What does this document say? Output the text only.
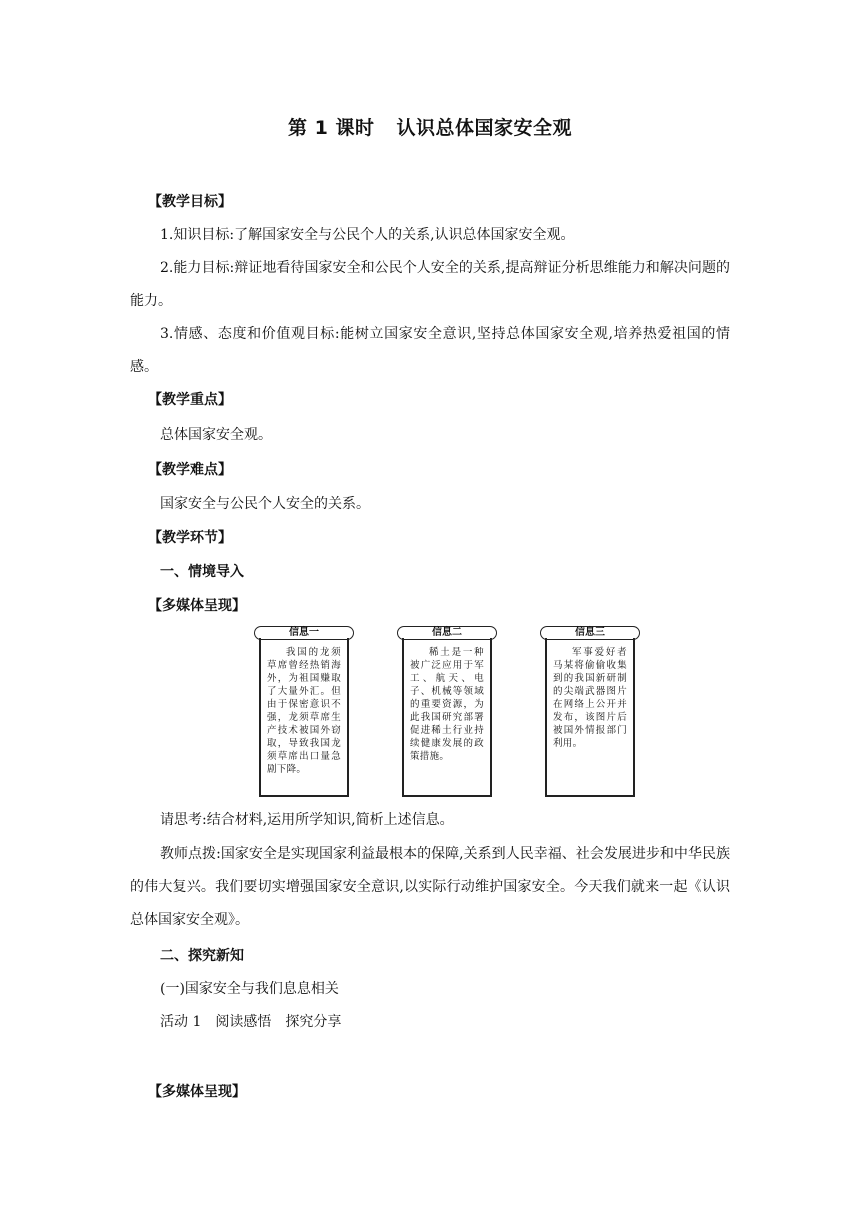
第 1 课时 认识总体国家安全观
【教学目标】
1.知识目标:了解国家安全与公民个人的关系,认识总体国家安全观。
2.能力目标:辩证地看待国家安全和公民个人安全的关系,提高辩证分析思维能力和解决问题的能力。
3.情感、态度和价值观目标:能树立国家安全意识,坚持总体国家安全观,培养热爱祖国的情感。
【教学重点】
总体国家安全观。
【教学难点】
国家安全与公民个人安全的关系。
【教学环节】
一、情境导入
【多媒体呈现】
信息一
我国的龙须草席曾经热销海外，为祖国赚取了大量外汇。但由于保密意识不强，龙须草席生产技术被国外窃取，导致我国龙须草席出口量急剧下降。
信息二
稀土是一种被广泛应用于军工、航天、电子、机械等领域的重要资源，为此我国研究部署促进稀土行业持续健康发展的政策措施。
信息三
军事爱好者马某将偷偷收集到的我国新研制的尖端武器图片在网络上公开并发布，该图片后被国外情报部门利用。
请思考:结合材料,运用所学知识,简析上述信息。
教师点拨:国家安全是实现国家利益最根本的保障,关系到人民幸福、社会发展进步和中华民族的伟大复兴。我们要切实增强国家安全意识,以实际行动维护国家安全。今天我们就来一起《认识总体国家安全观》。
二、探究新知
(一)国家安全与我们息息相关
活动 1　阅读感悟　探究分享
【多媒体呈现】
